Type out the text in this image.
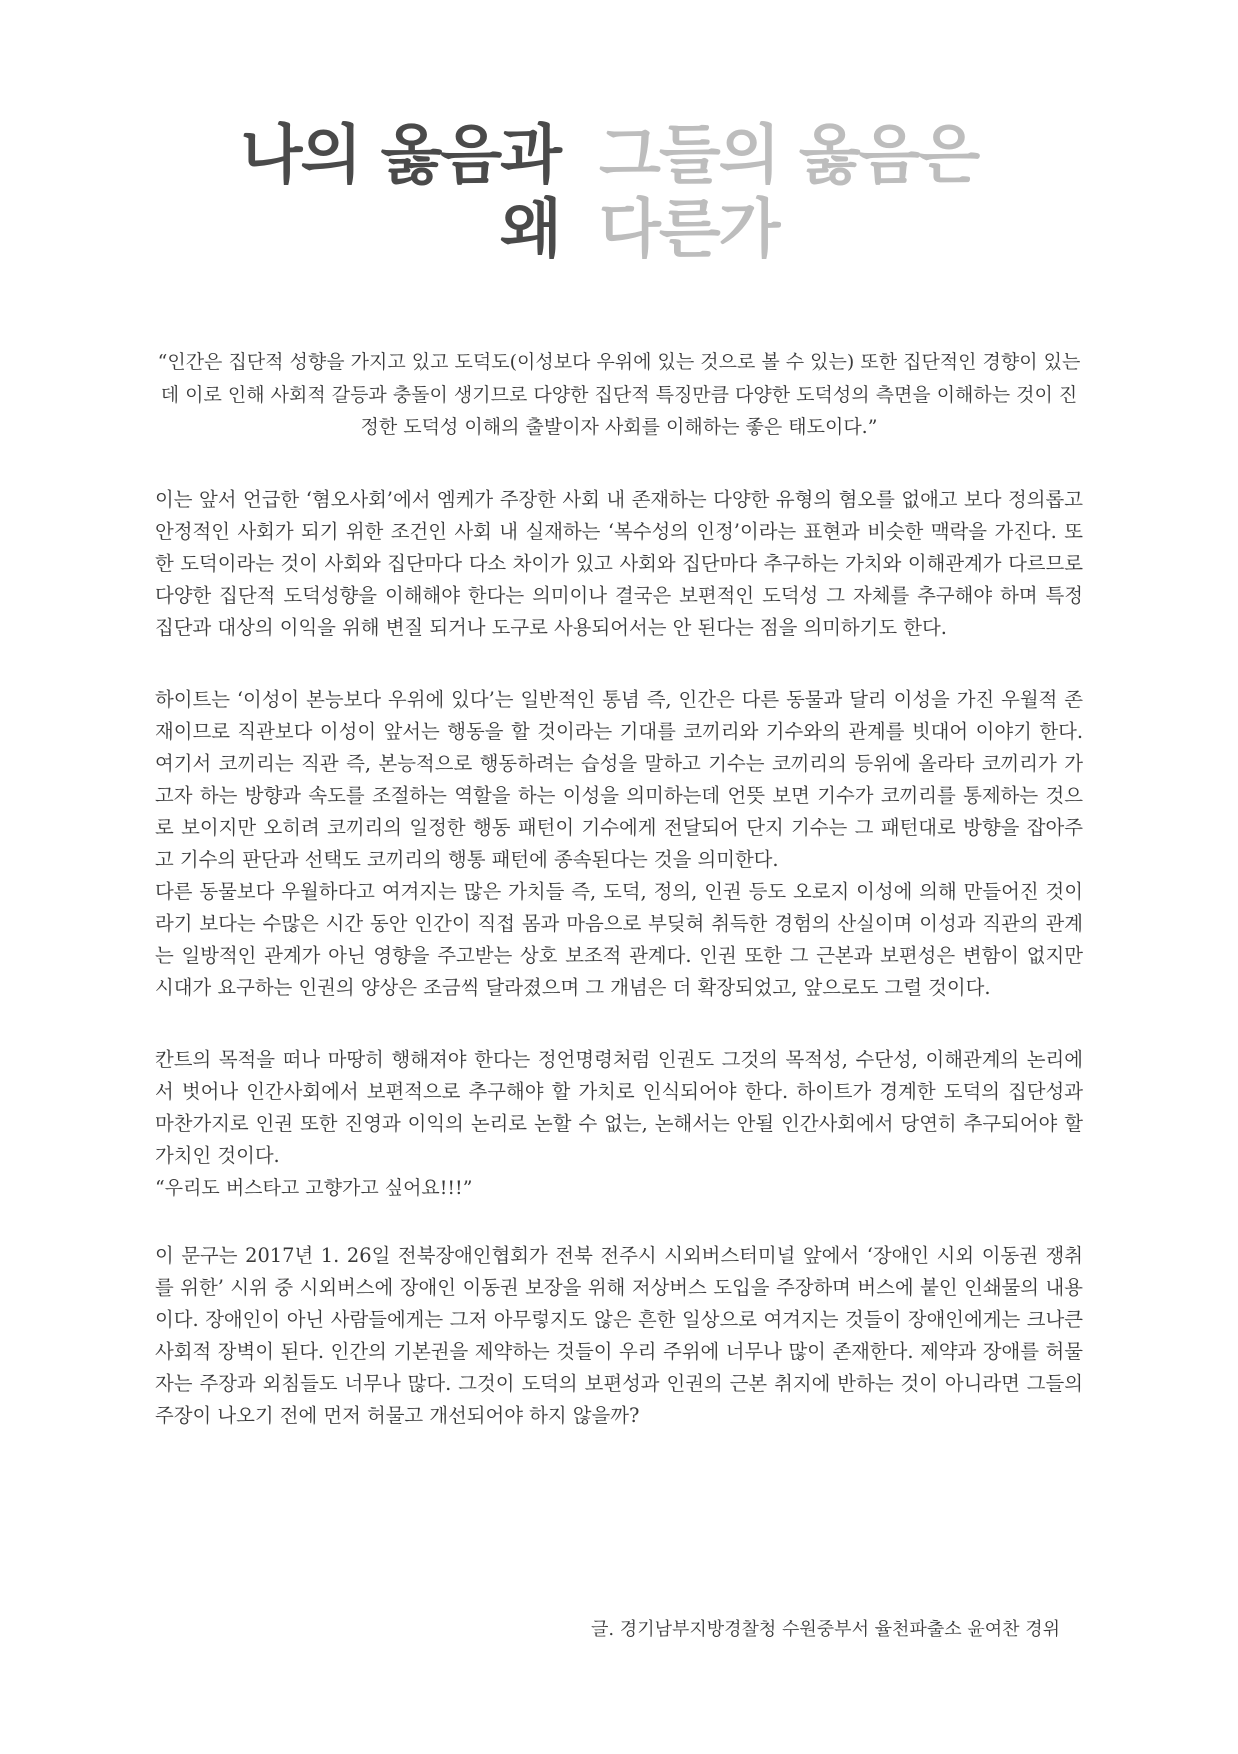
나의 옳음과 그들의 옳음은
왜 다른가

“인간은 집단적 성향을 가지고 있고 도덕도(이성보다 우위에 있는 것으로 볼 수 있는) 또한 집단적인 경향이 있는데 이로 인해 사회적 갈등과 충돌이 생기므로 다양한 집단적 특징만큼 다양한 도덕성의 측면을 이해하는 것이 진정한 도덕성 이해의 출발이자 사회를 이해하는 좋은 태도이다.”

이는 앞서 언급한 ‘혐오사회’에서 엠케가 주장한 사회 내 존재하는 다양한 유형의 혐오를 없애고 보다 정의롭고 안정적인 사회가 되기 위한 조건인 사회 내 실재하는 ‘복수성의 인정’이라는 표현과 비슷한 맥락을 가진다. 또한 도덕이라는 것이 사회와 집단마다 다소 차이가 있고 사회와 집단마다 추구하는 가치와 이해관계가 다르므로 다양한 집단적 도덕성향을 이해해야 한다는 의미이나 결국은 보편적인 도덕성 그 자체를 추구해야 하며 특정 집단과 대상의 이익을 위해 변질 되거나 도구로 사용되어서는 안 된다는 점을 의미하기도 한다.

하이트는 ‘이성이 본능보다 우위에 있다’는 일반적인 통념 즉, 인간은 다른 동물과 달리 이성을 가진 우월적 존재이므로 직관보다 이성이 앞서는 행동을 할 것이라는 기대를 코끼리와 기수와의 관계를 빗대어 이야기 한다. 여기서 코끼리는 직관 즉, 본능적으로 행동하려는 습성을 말하고 기수는 코끼리의 등위에 올라타 코끼리가 가고자 하는 방향과 속도를 조절하는 역할을 하는 이성을 의미하는데 언뜻 보면 기수가 코끼리를 통제하는 것으로 보이지만 오히려 코끼리의 일정한 행동 패턴이 기수에게 전달되어 단지 기수는 그 패턴대로 방향을 잡아주고 기수의 판단과 선택도 코끼리의 행통 패턴에 종속된다는 것을 의미한다.

다른 동물보다 우월하다고 여겨지는 많은 가치들 즉, 도덕, 정의, 인권 등도 오로지 이성에 의해 만들어진 것이라기 보다는 수많은 시간 동안 인간이 직접 몸과 마음으로 부딪혀 취득한 경험의 산실이며 이성과 직관의 관계는 일방적인 관계가 아닌 영향을 주고받는 상호 보조적 관계다. 인권 또한 그 근본과 보편성은 변함이 없지만 시대가 요구하는 인권의 양상은 조금씩 달라졌으며 그 개념은 더 확장되었고, 앞으로도 그럴 것이다.

칸트의 목적을 떠나 마땅히 행해져야 한다는 정언명령처럼 인권도 그것의 목적성, 수단성, 이해관계의 논리에서 벗어나 인간사회에서 보편적으로 추구해야 할 가치로 인식되어야 한다. 하이트가 경계한 도덕의 집단성과 마찬가지로 인권 또한 진영과 이익의 논리로 논할 수 없는, 논해서는 안될 인간사회에서 당연히 추구되어야 할 가치인 것이다.

“우리도 버스타고 고향가고 싶어요!!!”

이 문구는 2017년 1. 26일 전북장애인협회가 전북 전주시 시외버스터미널 앞에서 ‘장애인 시외 이동권 쟁취를 위한’ 시위 중 시외버스에 장애인 이동권 보장을 위해 저상버스 도입을 주장하며 버스에 붙인 인쇄물의 내용이다. 장애인이 아닌 사람들에게는 그저 아무렇지도 않은 흔한 일상으로 여겨지는 것들이 장애인에게는 크나큰 사회적 장벽이 된다. 인간의 기본권을 제약하는 것들이 우리 주위에 너무나 많이 존재한다. 제약과 장애를 허물자는 주장과 외침들도 너무나 많다. 그것이 도덕의 보편성과 인권의 근본 취지에 반하는 것이 아니라면 그들의 주장이 나오기 전에 먼저 허물고 개선되어야 하지 않을까?

글. 경기남부지방경찰청 수원중부서 율천파출소 윤여찬 경위
